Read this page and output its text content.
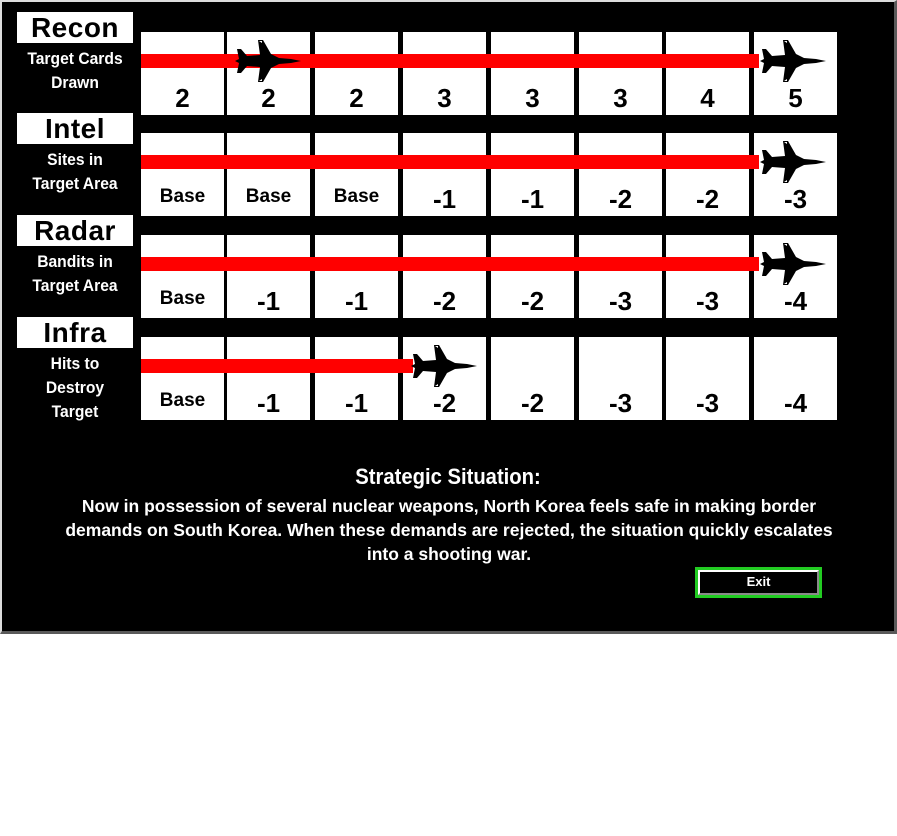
Strategic Situation:
Now in possession of several nuclear weapons, North Korea feels safe in making border demands on South Korea. When these demands are rejected, the situation quickly escalates into a shooting war.
Exit
Recon
Target Cards
Drawn
2	2	2	3	3	3	4	5
Intel
Sites in
Target Area
Base	Base	Base	-1	-1	-2	-2	-3
Radar
Bandits in
Target Area
Base	-1	-1	-2	-2	-3	-3	-4
Infra
Hits to
Destroy
Target
Base	-1	-1	-2	-2	-3	-3	-4
